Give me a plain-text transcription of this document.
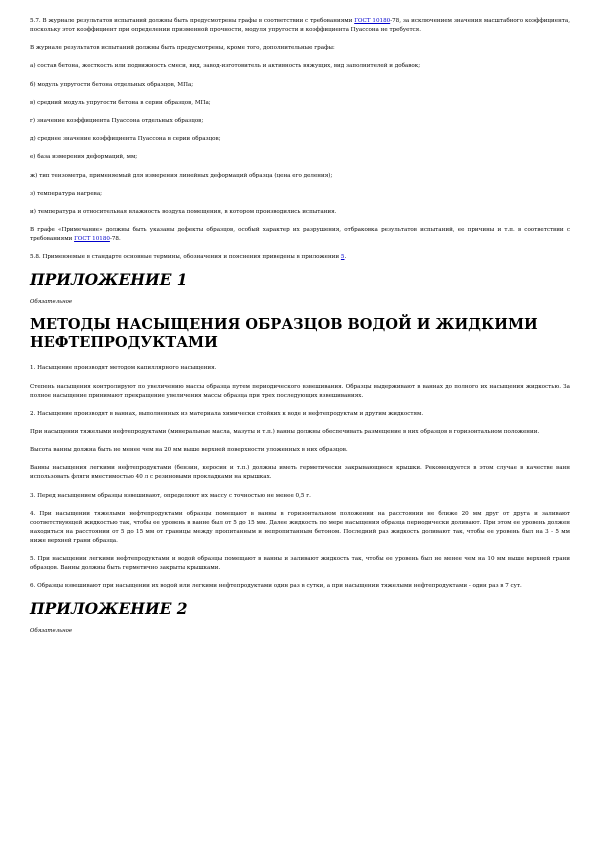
5.7. В журнале результатов испытаний должны быть предусмотрены графы в соответствии с требованиями ГОСТ 10180-78, за исключением значения масштабного коэффициента, поскольку этот коэффициент при определении призменной прочности, модуля упругости и коэффициента Пуассона не требуется.

В журнале результатов испытаний должны быть предусмотрены, кроме того, дополнительные графы:

а) состав бетона, жесткость или подвижность смеси, вид, завод-изготовитель и активность вяжущих, вид заполнителей и добавок;

б) модуль упругости бетона отдельных образцов, МПа;

в) средний модуль упругости бетона в серии образцов, МПа;

г) значение коэффициента Пуассона отдельных образцов;

д) среднее значение коэффициента Пуассона в серии образцов;

е) база измерения деформаций, мм;

ж) тип тензометра, применяемый для измерения линейных деформаций образца (цена его деления);

з) температура нагрева;

и) температура и относительная влажность воздуха помещения, в котором производились испытания.

В графе «Примечание» должны быть указаны дефекты образцов, особый характер их разрушения, отбраковка результатов испытаний, ее причины и т.п. в соответствии с требованиями ГОСТ 10180-78.

5.8. Применяемые в стандарте основные термины, обозначения и пояснения приведены в приложении 5.

ПРИЛОЖЕНИЕ 1

Обязательное

МЕТОДЫ НАСЫЩЕНИЯ ОБРАЗЦОВ ВОДОЙ И ЖИДКИМИ НЕФТЕПРОДУКТАМИ

1. Насыщение производят методом капиллярного насыщения.

Степень насыщения контролируют по увеличению массы образца путем периодического взвешивания. Образцы выдерживают в ваннах до полного их насыщения жидкостью. За полное насыщение принимают прекращение увеличения массы образца при трех последующих взвешиваниях.

2. Насыщение производят в ваннах, выполненных из материала химически стойких к воде и нефтепродуктам и другим жидкостям.

При насыщении тяжелыми нефтепродуктами (минеральные масла, мазуты и т.п.) ванны должны обеспечивать размещение в них образцов в горизонтальном положении.

Высота ванны должна быть не менее чем на 20 мм выше верхней поверхности уложенных в них образцов.

Ванны насыщения легкими нефтепродуктами (бензин, керосин и т.п.) должны иметь герметически закрывающиеся крышки. Рекомендуется в этом случае в качестве ванн использовать фляги вместимостью 40 л с резиновыми прокладками на крышках.

3. Перед насыщением образцы взвешивают, определяют их массу с точностью не менее 0,5 г.

4. При насыщении тяжелыми нефтепродуктами образцы помещают в ванны в горизонтальном положении на расстоянии не ближе 20 мм друг от друга и заливают соответствующей жидкостью так, чтобы ее уровень в ванне был от 5 до 15 мм. Далее жидкость по мере насыщения образца периодически доливают. При этом ее уровень должен находиться на расстоянии от 5 до 15 мм от границы между пропитанным и непропитанным бетоном. Последний раз жидкость доливают так, чтобы ее уровень был на 3 - 5 мм ниже верхней грани образца.

5. При насыщении легкими нефтепродуктами и водой образцы помещают в ванны и заливают жидкость так, чтобы ее уровень был не менее чем на 10 мм выше верхней грани образцов. Ванны должны быть герметично закрыты крышками.

6. Образцы взвешивают при насыщении их водой или легкими нефтепродуктами один раз в сутки, а при насыщении тяжелыми нефтепродуктами - один раз в 7 сут.

ПРИЛОЖЕНИЕ 2

Обязательное
